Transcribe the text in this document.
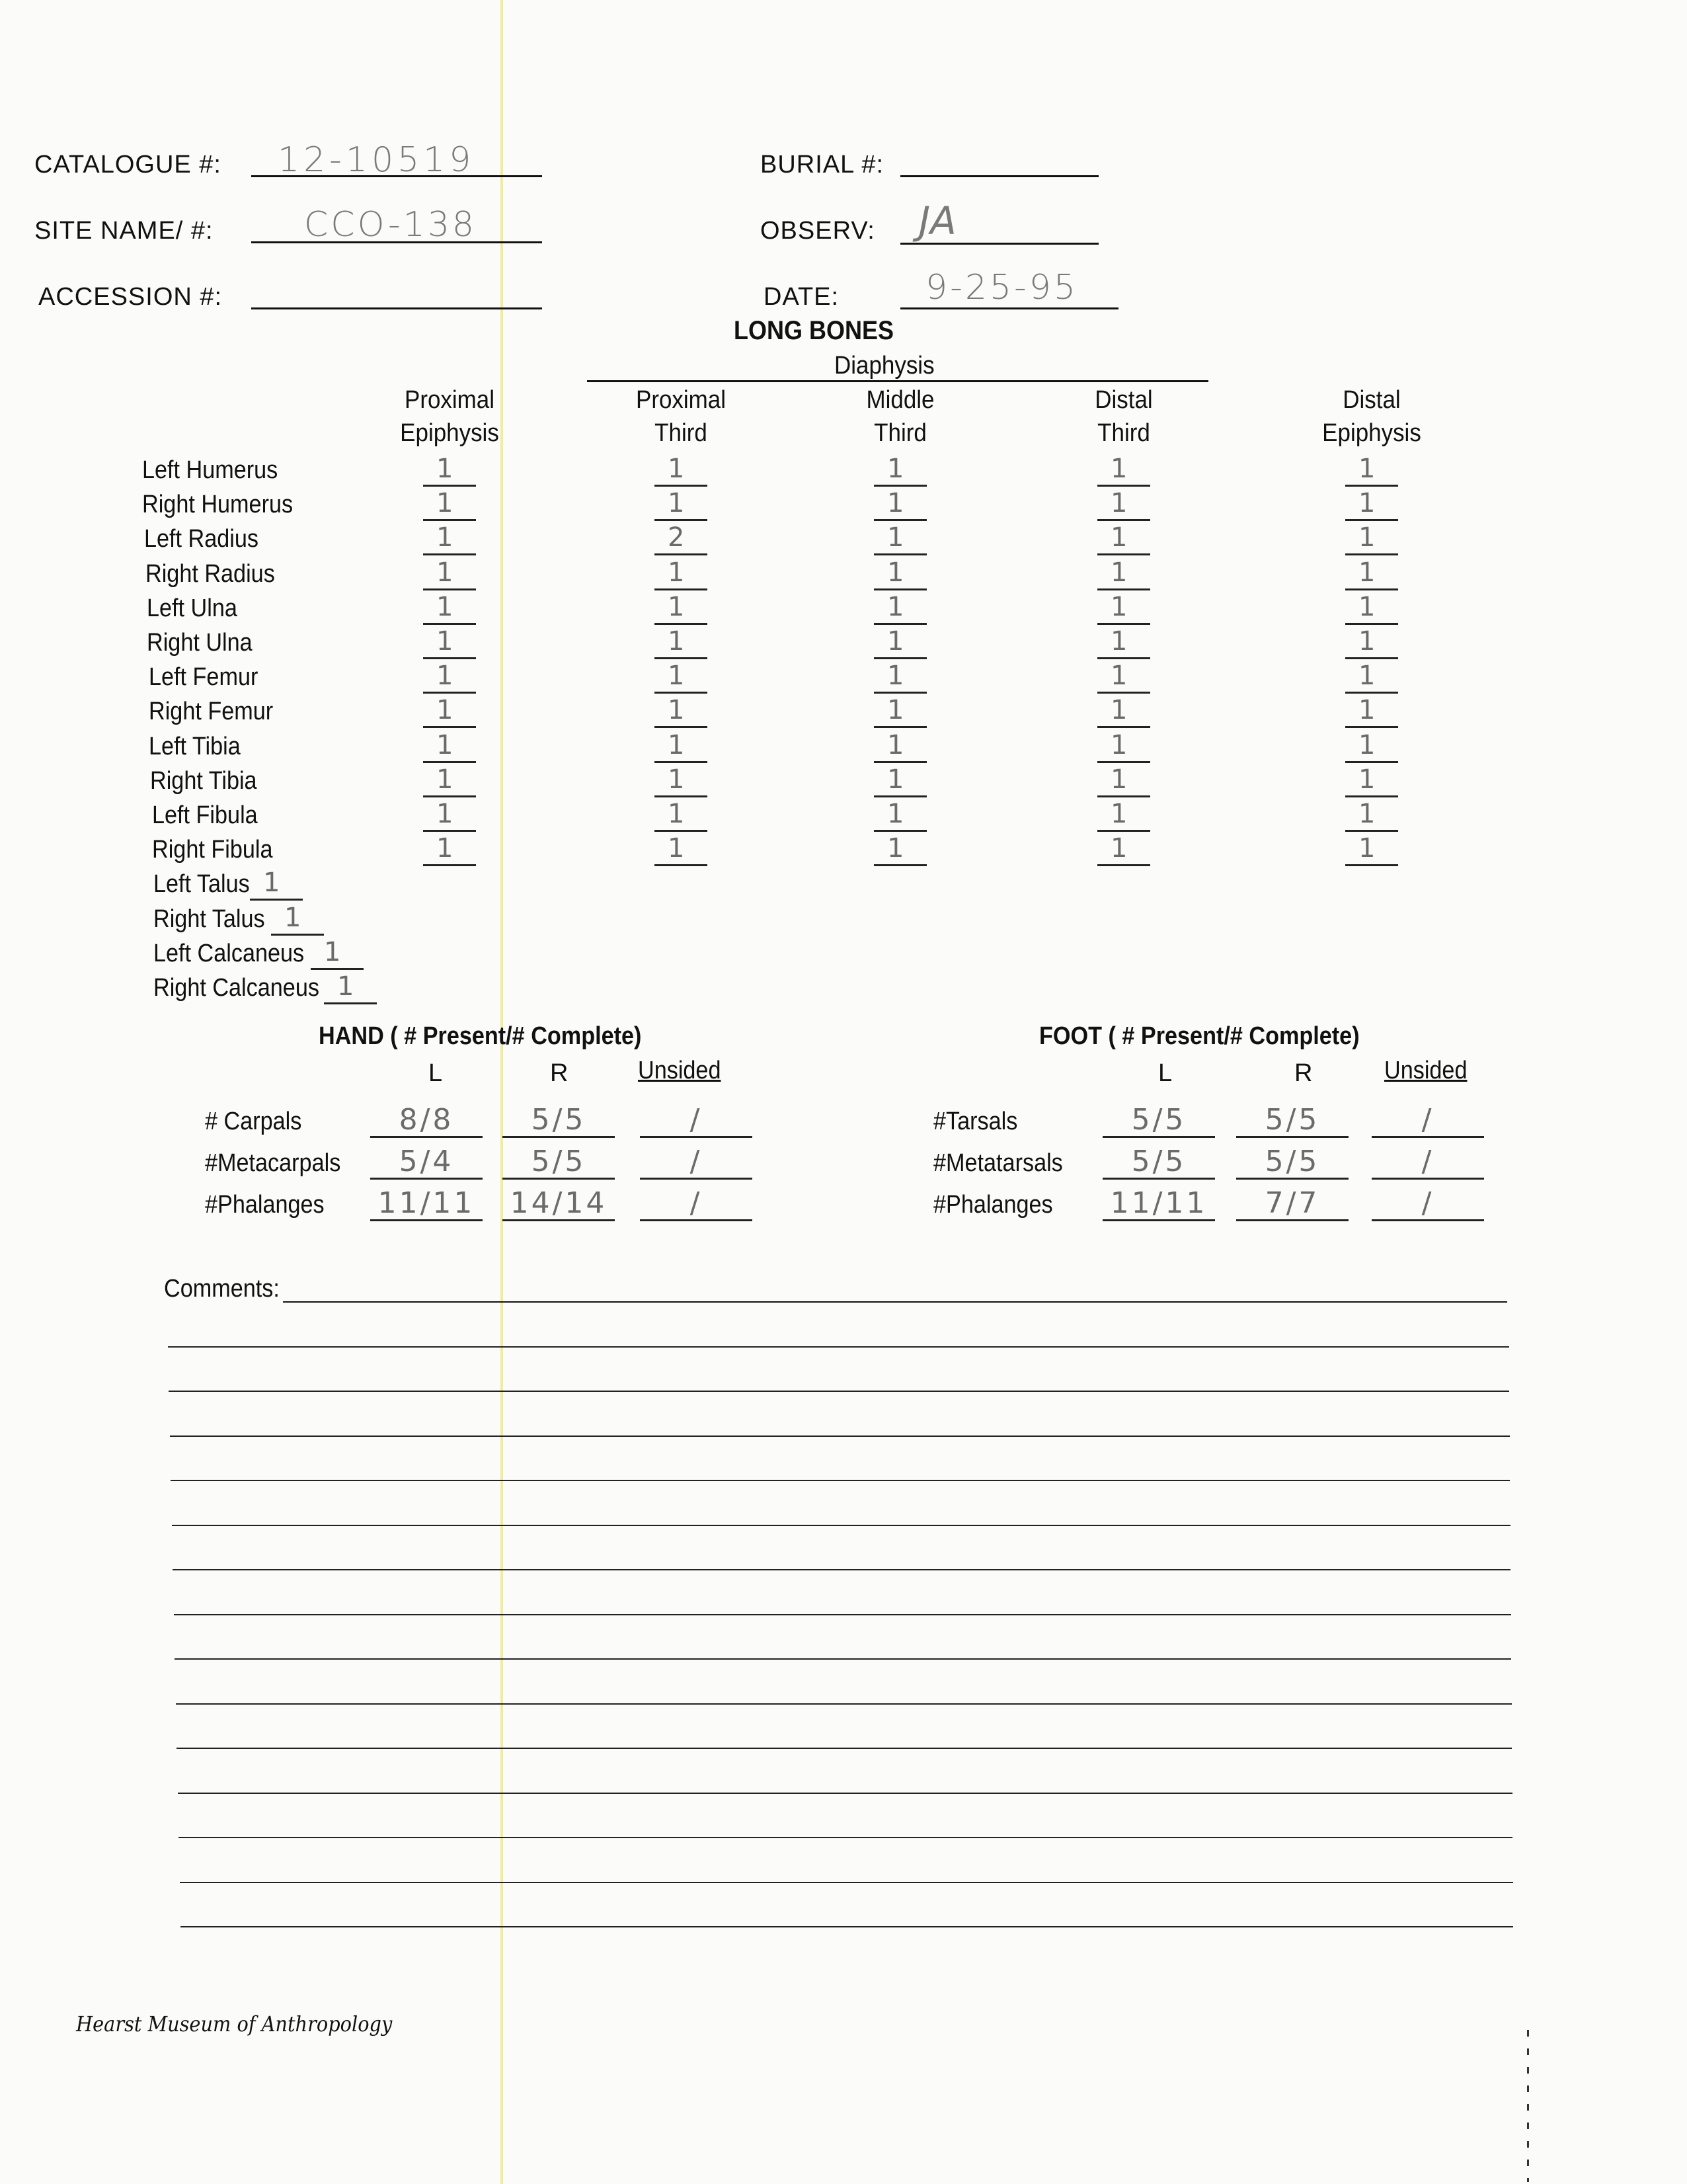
CATALOGUE #: 12-10519
SITE NAME/ #:	CCO-138
ACCESSION #:
BURIAL #:
OBSERV: JA
DATE:	9-25-95
LONG BONES
Diaphysis
Proximal
Epiphysis
Proximal
Third
Middle
Third
Distal
Third
Distal
Epiphysis
Left Humerus	1	1	1	1	1
Right Humerus	1	1	1	1	1
Left Radius	1	2	1	1	1
Right Radius	1	1	1	1	1
Left Ulna	1	1	1	1	1
Right Ulna	1	1	1	1	1
Left Femur	1	1	1	1	1
Right Femur	1	1	1	1	1
Left Tibia	1	1	1	1	1
Right Tibia	1	1	1	1	1
Left Fibula	1	1	1	1	1
Right Fibula	1	1	1	1	1
Left Talus 1
Right Talus 1
Left Calcaneus 1
Right Calcaneus 1
HAND ( # Present/# Complete)
L	R	Unsided
# Carpals	8/8	5/5	/
#Metacarpals	5/4	5/5	/
#Phalanges 11/11 14/14	/
FOOT ( # Present/# Complete)
L	R	Unsided
#Tarsals	5/5	5/5	/
#Metatarsals	5/5	5/5	/
#Phalanges 11/11	7/7	/
Comments:
Hearst Museum of Anthropology
